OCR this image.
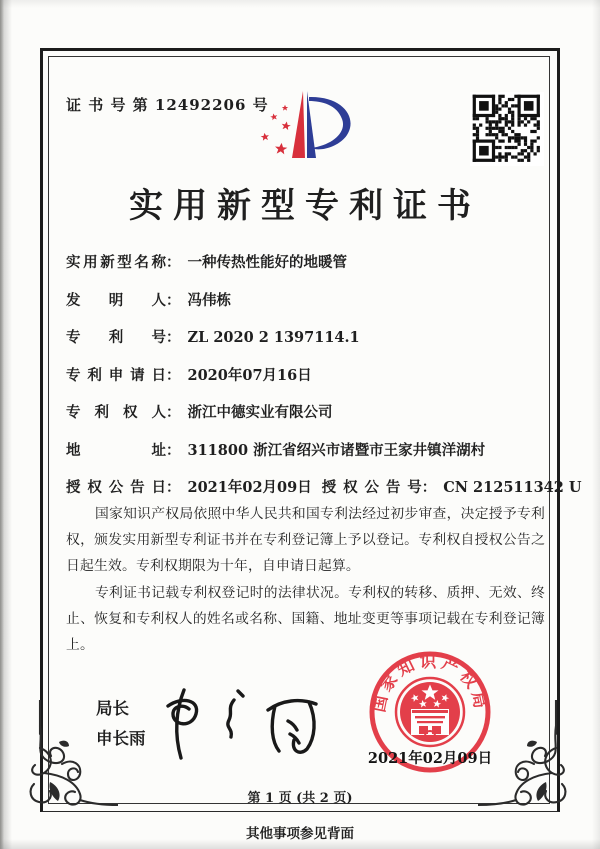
证 书 号 第 12492206 号
实用新型专利证书
实用新型名称： 一种传热性能好的地暖管
发明人： 冯伟栋
专利号： ZL 2020 2 1397114.1
专利申请日： 2020年07月16日
专利权人： 浙江中德实业有限公司
地址： 311800 浙江省绍兴市诸暨市王家井镇洋湖村
授权公告日： 2021年02月09日 授权公告号： CN 212511342 U

国家知识产权局依照中华人民共和国专利法经过初步审查，决定授予专利权，颁发实用新型专利证书并在专利登记簿上予以登记。专利权自授权公告之日起生效。专利权期限为十年，自申请日起算。

专利证书记载专利权登记时的法律状况。专利权的转移、质押、无效、终止、恢复和专利权人的姓名或名称、国籍、地址变更等事项记载在专利登记簿上。

局长
申长雨
国家知识产权局
2021年02月09日
第 1 页 (共 2 页)
其他事项参见背面
